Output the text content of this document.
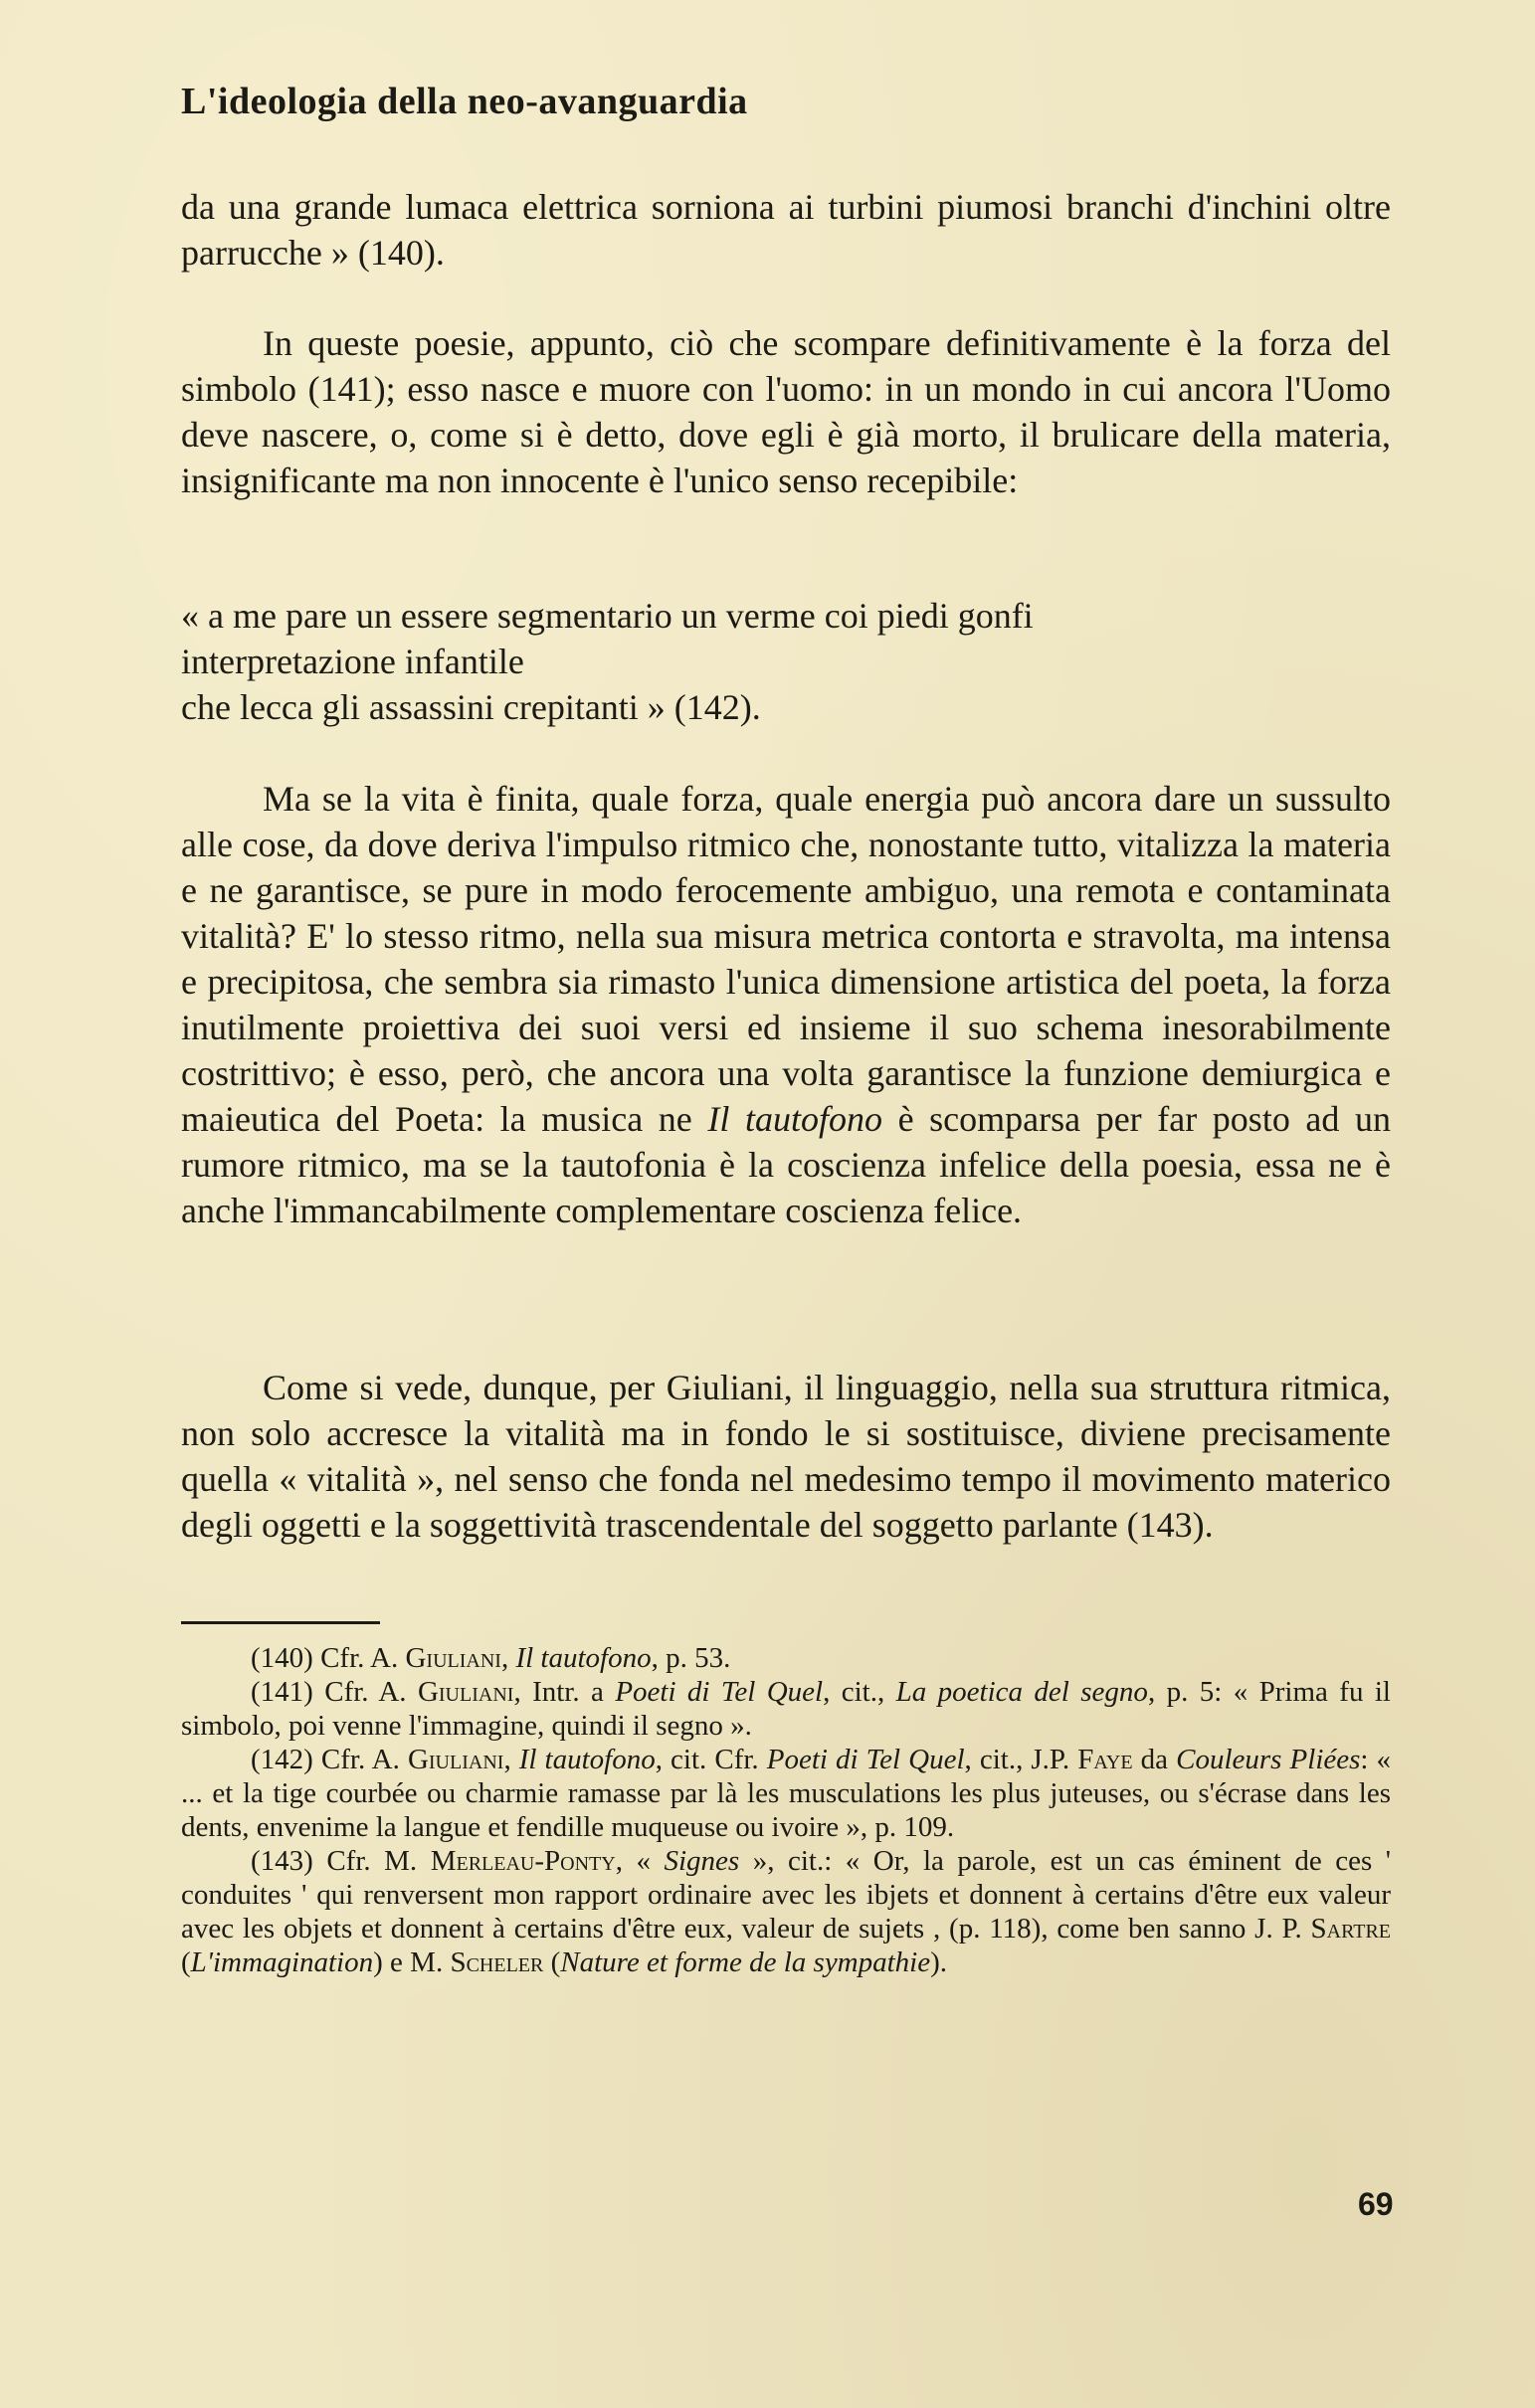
L'ideologia della neo-avanguardia

da una grande lumaca elettrica sorniona ai turbini piumosi branchi d'inchini oltre parrucche » (140).

In queste poesie, appunto, ciò che scompare definitivamente è la forza del simbolo (141); esso nasce e muore con l'uomo: in un mondo in cui ancora l'Uomo deve nascere, o, come si è detto, dove egli è già morto, il brulicare della materia, insignificante ma non innocente è l'unico senso recepibile:

« a me pare un essere segmentario un verme coi piedi gonfi
interpretazione infantile
che lecca gli assassini crepitanti » (142).

Ma se la vita è finita, quale forza, quale energia può ancora dare un sussulto alle cose, da dove deriva l'impulso ritmico che, nonostante tutto, vitalizza la materia e ne garantisce, se pure in modo ferocemente ambiguo, una remota e contaminata vitalità? E' lo stesso ritmo, nella sua misura metrica contorta e stravolta, ma intensa e precipitosa, che sembra sia rimasto l'unica dimensione artistica del poeta, la forza inutilmente proiettiva dei suoi versi ed insieme il suo schema inesorabilmente costrittivo; è esso, però, che ancora una volta garantisce la funzione demiurgica e maieutica del Poeta: la musica ne Il tautofono è scomparsa per far posto ad un rumore ritmico, ma se la tautofonia è la coscienza infelice della poesia, essa ne è anche l'immancabilmente complementare coscienza felice.

Come si vede, dunque, per Giuliani, il linguaggio, nella sua struttura ritmica, non solo accresce la vitalità ma in fondo le si sostituisce, diviene precisamente quella « vitalità », nel senso che fonda nel medesimo tempo il movimento materico degli oggetti e la soggettività trascendentale del soggetto parlante (143).

(140) Cfr. A. Giuliani, Il tautofono, p. 53.

(141) Cfr. A. Giuliani, Intr. a Poeti di Tel Quel, cit., La poetica del segno, p. 5: « Prima fu il simbolo, poi venne l'immagine, quindi il segno ».

(142) Cfr. A. Giuliani, Il tautofono, cit. Cfr. Poeti di Tel Quel, cit., J.P. Faye da Couleurs Pliées: « ... et la tige courbée ou charmie ramasse par là les musculations les plus juteuses, ou s'écrase dans les dents, envenime la langue et fendille muqueuse ou ivoire », p. 109.

(143) Cfr. M. Merleau-Ponty, « Signes », cit.: « Or, la parole, est un cas éminent de ces ' conduites ' qui renversent mon rapport ordinaire avec les ibjets et donnent à certains d'être eux valeur avec les objets et donnent à certains d'être eux, valeur de sujets , (p. 118), come ben sanno J. P. Sartre (L'immagination) e M. Scheler (Nature et forme de la sympathie).

69
